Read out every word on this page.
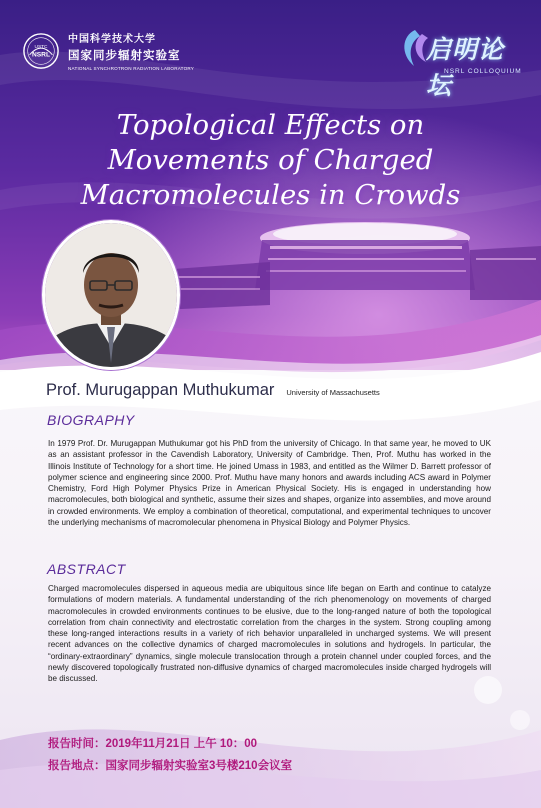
USTC
NSRL
中国科学技术大学
国家同步辐射实验室
NATIONAL SYNCHROTRON RADIATION LABORATORY
启明论坛
NSRL COLLOQUIUM
Topological Effects on
Movements of Charged
Macromolecules in Crowds
Prof. Murugappan Muthukumar University of Massachusetts
BIOGRAPHY

In 1979 Prof. Dr. Murugappan Muthukumar got his PhD from the university of Chicago. In that same year, he moved to UK as an assistant professor in the Cavendish Laboratory, University of Cambridge. Then, Prof. Muthu has worked in the Illinois Institute of Technology for a short time. He joined Umass in 1983, and entitled as the Wilmer D. Barrett professor of polymer science and engineering since 2000. Prof. Muthu have many honors and awards including ACS award in Polymer Chemistry, Ford High Polymer Physics Prize in American Physical Society. His is engaged in understanding how macromolecules, both biological and synthetic, assume their sizes and shapes, organize into assemblies, and move around in crowded environments. We employ a combination of theoretical, computational, and experimental techniques to uncover the underlying mechanisms of macromolecular phenomena in Physical Biology and Polymer Physics.

ABSTRACT

Charged macromolecules dispersed in aqueous media are ubiquitous since life began on Earth and continue to catalyze formulations of modern materials. A fundamental understanding of the rich phenomenology on movements of charged macromolecules in crowded environments continues to be elusive, due to the long-ranged nature of both the topological correlation from chain connectivity and electrostatic correlation from the charges in the system. Strong coupling among these long-ranged interactions results in a variety of rich behavior unparalleled in uncharged systems. We will present recent advances on the collective dynamics of charged macromolecules in solutions and hydrogels. In particular, the “ordinary-extraordinary” dynamics, single molecule translocation through a protein channel under coupled forces, and the newly discovered topologically frustrated non-diffusive dynamics of charged macromolecules inside charged hydrogels will be discussed.

报告时间：2019年11月21日 上午 10：00
报告地点：国家同步辐射实验室3号楼210会议室
